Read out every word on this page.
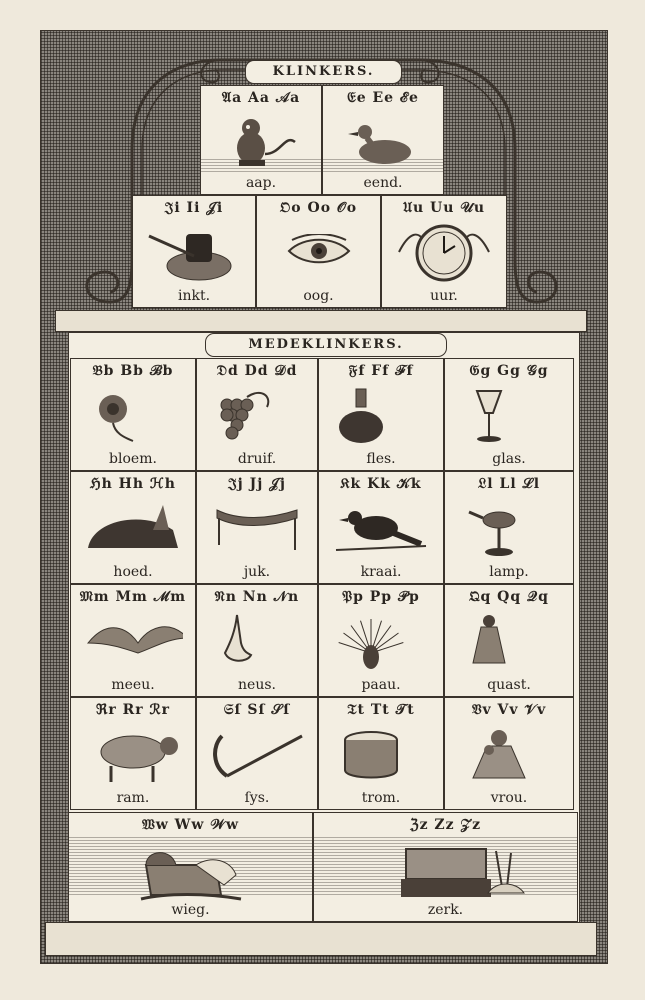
KLINKERS.
𝔄a Aa 𝒜a
aap.
𝔈e Ee ℰe
eend.
𝔍i Ii 𝒥i
inkt.
𝔒o Oo 𝒪o
oog.
𝔘u Uu 𝒰u
uur.
MEDEKLINKERS.
𝔅b Bb ℬb
bloem.
𝔇d Dd 𝒟d
druif.
𝔉f Ff ℱf
fles.
𝔊g Gg 𝒢g
glas.
ℌh Hh ℋh
hoed.
𝔍j Jj 𝒥j
juk.
𝔎k Kk 𝒦k
kraai.
𝔏l Ll ℒl
lamp.
𝔐m Mm ℳm
meeu.
𝔑n Nn 𝒩n
neus.
𝔓p Pp 𝒫p
paau.
𝔔q Qq 𝒬q
quast.
ℜr Rr ℛr
ram.
𝔖ſ Sſ 𝒮ſ
ſys.
𝔗t Tt 𝒯t
trom.
𝔙v Vv 𝒱v
vrou.
𝔚w Ww 𝒲w
wieg.
ℨz Zz 𝒵z
zerk.
